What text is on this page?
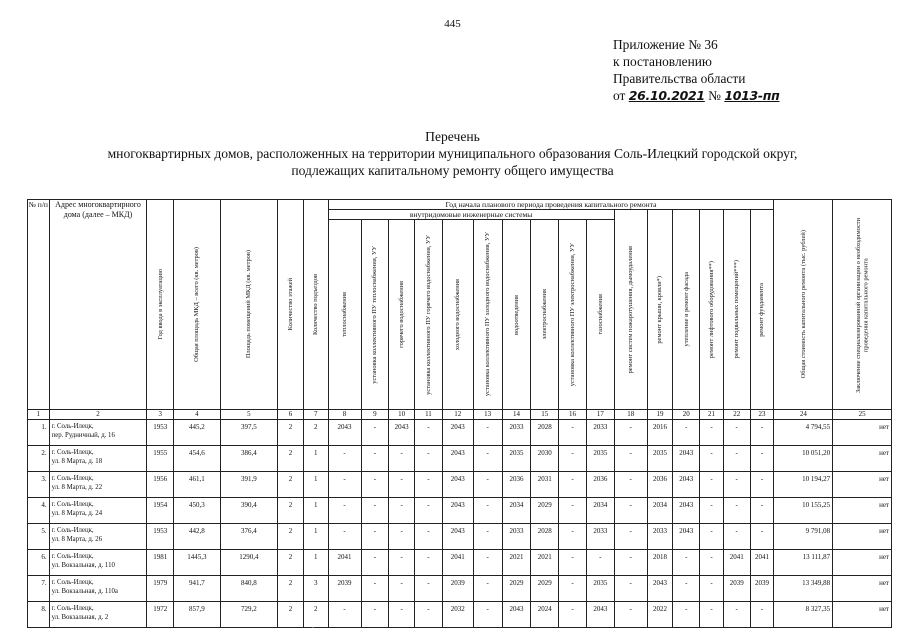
445
Приложение № 36
к постановлению
Правительства области
от 26.10.2021 № 1013-пп
Перечень
многоквартирных домов, расположенных на территории муниципального образования Соль-Илецкий городской округ,
подлежащих капитальному ремонту общего имущества
№ п/п	Адрес многоквартирного дома (далее – МКД)	Год ввода в эксплуатацию	Общая площадь МКД – всего (кв. метров)	Площадь помещений МКД (кв. метров)	Количество этажей	Количество подъездов	Год начала планового периода проведения капитального ремонта																Общая стоимость капитального ремонта (тыс. рублей)	Заключение специализированной организации о необходимости проведения капитального ремонта

							внутридомовые инженерные системы										ремонт систем пожаротушения, дымоудаления	ремонт крыши, кровли*)	утепление и ремонт фасада	ремонт лифтового оборудования**)	ремонт подвальных помещений***)	ремонт фундамента		

							теплоснабжения	установка коллективного ПУ теплоснабжения, УУ	горячего водоснабжения	установка коллективного ПУ горячего водоснабжения, УУ	холодного водоснабжения	установка коллективного ПУ холодного водоснабжения, УУ	водоотведения	электроснабжения	установка коллективного ПУ электроснабжения, УУ	газоснабжения								

1	2	3	4	5	6	7	8	9	10	11	12	13	14	15	16	17	18	19	20	21	22	23	24	25
1.	г. Соль-Илецк,
пер. Рудничный, д. 16	1953	445,2	397,5	2	2	2043	-	2043	-	2043	-	2033	2028	-	2033	-	2016	-	-	-	-	4 794,55	нет
2.	г. Соль-Илецк,
ул. 8 Марта, д. 18	1955	454,6	386,4	2	1	-	-	-	-	2043	-	2035	2030	-	2035	-	2035	2043	-	-	-	10 051,20	нет
3.	г. Соль-Илецк,
ул. 8 Марта, д. 22	1956	461,1	391,9	2	1	-	-	-	-	2043	-	2036	2031	-	2036	-	2036	2043	-	-	-	10 194,27	нет
4.	г. Соль-Илецк,
ул. 8 Марта, д. 24	1954	450,3	390,4	2	1	-	-	-	-	2043	-	2034	2029	-	2034	-	2034	2043	-	-	-	10 155,25	нет
5.	г. Соль-Илецк,
ул. 8 Марта, д. 26	1953	442,8	376,4	2	1	-	-	-	-	2043	-	2033	2028	-	2033	-	2033	2043	-	-	-	9 791,08	нет
6.	г. Соль-Илецк,
ул. Вокзальная, д. 110	1981	1445,3	1290,4	2	1	2041	-	-	-	2041	-	2021	2021	-	-	-	2018	-	-	2041	2041	13 111,87	нет
7.	г. Соль-Илецк,
ул. Вокзальная, д. 110а	1979	941,7	840,8	2	3	2039	-	-	-	2039	-	2029	2029	-	2035	-	2043	-	-	2039	2039	13 349,88	нет
8.	г. Соль-Илецк,
ул. Вокзальная, д. 2	1972	857,9	729,2	2	2	-	-	-	-	2032	-	2043	2024	-	2043	-	2022	-	-	-	-	8 327,35	нет
